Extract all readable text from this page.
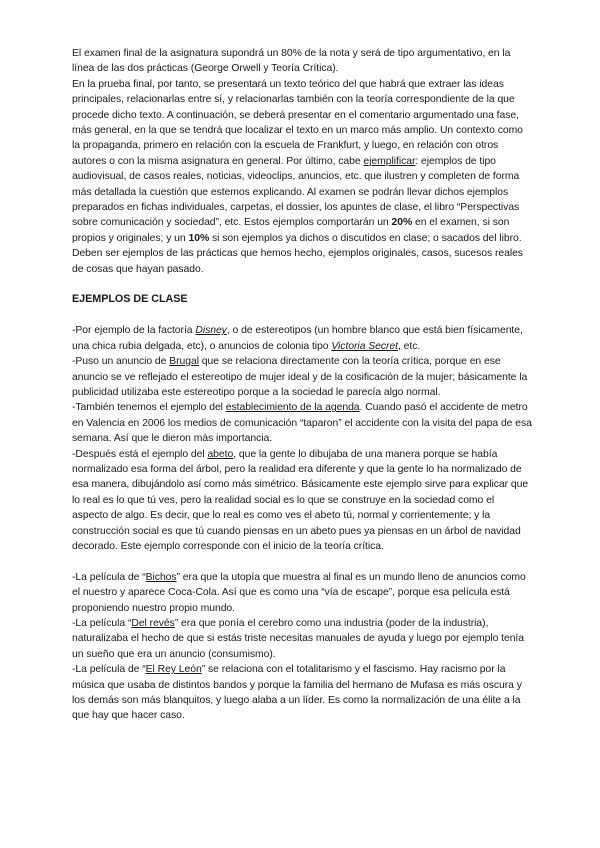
El examen final de la asignatura supondrá un 80% de la nota y será de tipo argumentativo, en la línea de las dos prácticas (George Orwell y Teoría Crítica).

En la prueba final, por tanto, se presentará un texto teórico del que habrá que extraer las ideas principales, relacionarlas entre sí, y relacionarlas también con la teoría correspondiente de la que procede dicho texto. A continuación, se deberá presentar en el comentario argumentado una fase, más general, en la que se tendrá que localizar el texto en un marco más amplio. Un contexto como la propaganda, primero en relación con la escuela de Frankfurt, y luego, en relación con otros autores o con la misma asignatura en general. Por último, cabe ejemplificar: ejemplos de tipo audiovisual, de casos reales, noticias, videoclips, anuncios, etc. que ilustren y completen de forma más detallada la cuestión que estemos explicando. Al examen se podrán llevar dichos ejemplos preparados en fichas individuales, carpetas, el dossier, los apuntes de clase, el libro “Perspectivas sobre comunicación y sociedad”, etc. Estos ejemplos comportarán un 20% en el examen, si son propios y originales; y un 10% si son ejemplos ya dichos o discutidos en clase; o sacados del libro.

Deben ser ejemplos de las prácticas que hemos hecho, ejemplos originales, casos, sucesos reales de cosas que hayan pasado.

EJEMPLOS DE CLASE

-Por ejemplo de la factoría Disney, o de estereotipos (un hombre blanco que está bien físicamente, una chica rubia delgada, etc), o anuncios de colonia tipo Victoria Secret, etc.

-Puso un anuncio de Brugal que se relaciona directamente con la teoría crítica, porque en ese anuncio se ve reflejado el estereotipo de mujer ideal y de la cosificación de la mujer; básicamente la publicidad utilizaba este estereotipo porque a la sociedad le parecía algo normal.

-También tenemos el ejemplo del establecimiento de la agenda. Cuando pasó el accidente de metro en Valencia en 2006 los medios de comunicación “taparon” el accidente con la visita del papa de esa semana. Así que le dieron más importancia.

-Después está el ejemplo del abeto, que la gente lo dibujaba de una manera porque se había normalizado esa forma del árbol, pero la realidad era diferente y que la gente lo ha normalizado de esa manera, dibujándolo así como más simétrico. Básicamente este ejemplo sirve para explicar que lo real es lo que tú ves, pero la realidad social es lo que se construye en la sociedad como el aspecto de algo. Es decir, que lo real es como ves el abeto tú, normal y corrientemente; y la construcción social es que tú cuando piensas en un abeto pues ya piensas en un árbol de navidad decorado. Este ejemplo corresponde con el inicio de la teoría crítica.

-La película de “Bichos” era que la utopía que muestra al final es un mundo lleno de anuncios como el nuestro y aparece Coca-Cola. Así que es como una “vía de escape”, porque esa película está proponiendo nuestro propio mundo.

-La película “Del revés” era que ponía el cerebro como una industria (poder de la industria), naturalizaba el hecho de que si estás triste necesitas manuales de ayuda y luego por ejemplo tenía un sueño que era un anuncio (consumismo).

-La película de “El Rey León” se relaciona con el totalitarismo y el fascismo. Hay racismo por la música que usaba de distintos bandos y porque la familia del hermano de Mufasa es más oscura y los demás son más blanquitos, y luego alaba a un líder. Es como la normalización de una élite a la que hay que hacer caso.
